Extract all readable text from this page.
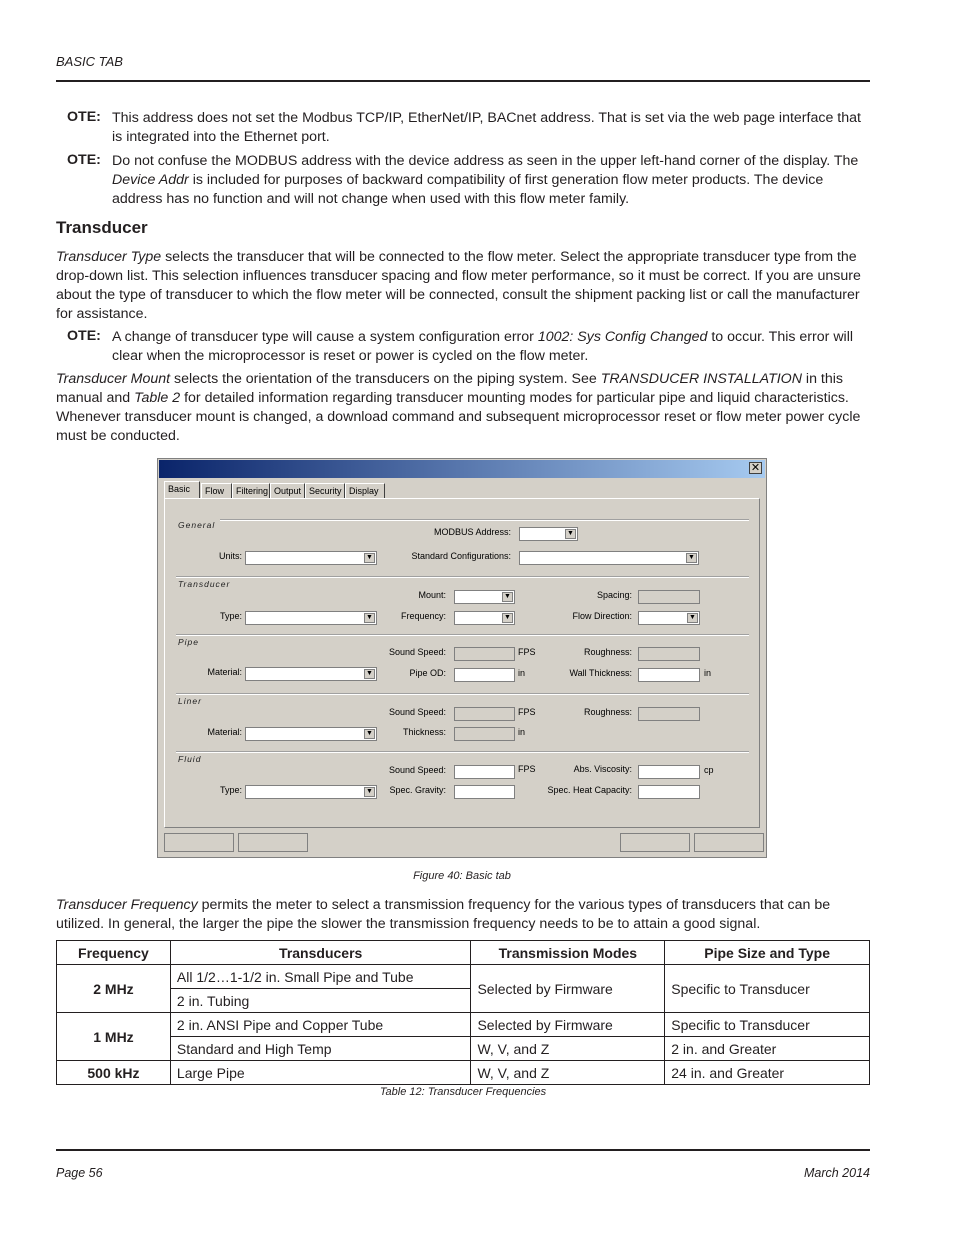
BASIC TAB
OTE: This address does not set the Modbus TCP/IP, EtherNet/IP, BACnet address. That is set via the web page interface that is integrated into the Ethernet port.
OTE: Do not confuse the MODBUS address with the device address as seen in the upper left-hand corner of the display. The Device Addr is included for purposes of backward compatibility of first generation flow meter products. The device address has no function and will not change when used with this flow meter family.
Transducer
Transducer Type selects the transducer that will be connected to the flow meter. Select the appropriate transducer type from the drop-down list. This selection influences transducer spacing and flow meter performance, so it must be correct. If you are unsure about the type of transducer to which the flow meter will be connected, consult the shipment packing list or call the manufacturer for assistance.
OTE: A change of transducer type will cause a system configuration error 1002: Sys Config Changed to occur. This error will clear when the microprocessor is reset or power is cycled on the flow meter.
Transducer Mount selects the orientation of the transducers on the piping system. See TRANSDUCER INSTALLATION in this manual and Table 2 for detailed information regarding transducer mounting modes for particular pipe and liquid characteristics. Whenever transducer mount is changed, a download command and subsequent microprocessor reset or flow meter power cycle must be conducted.
✕
Basic	Flow	Filtering Output Security Display
General
MODBUS Address:	▼
Units:	▼	Standard Configurations:	▼
Transducer
Mount:	▼	Spacing:
Type:	▼	Frequency:	▼	Flow Direction:	▼
Pipe
Sound Speed:	FPS	Roughness:
Material:	▼	Pipe OD:	in	Wall Thickness:	in
Liner
Sound Speed:	FPS	Roughness:
Material:	▼	Thickness:	in
Fluid
Sound Speed:	FPS	Abs. Viscosity:	cp
Type:	▼	Spec. Gravity:	Spec. Heat Capacity:
Figure 40: Basic tab
Transducer Frequency permits the meter to select a transmission frequency for the various types of transducers that can be utilized. In general, the larger the pipe the slower the transmission frequency needs to be to attain a good signal.
Frequency	Transducers	Transmission Modes	Pipe Size and Type
2 MHz	All 1/2…1-1/2 in. Small Pipe and Tube	Selected by Firmware	Specific to Transducer
	2 in. Tubing		
1 MHz	2 in. ANSI Pipe and Copper Tube	Selected by Firmware	Specific to Transducer
	Standard and High Temp	W, V, and Z	2 in. and Greater
500 kHz	Large Pipe	W, V, and Z	24 in. and Greater
Table 12: Transducer Frequencies
Page 56	March 2014
